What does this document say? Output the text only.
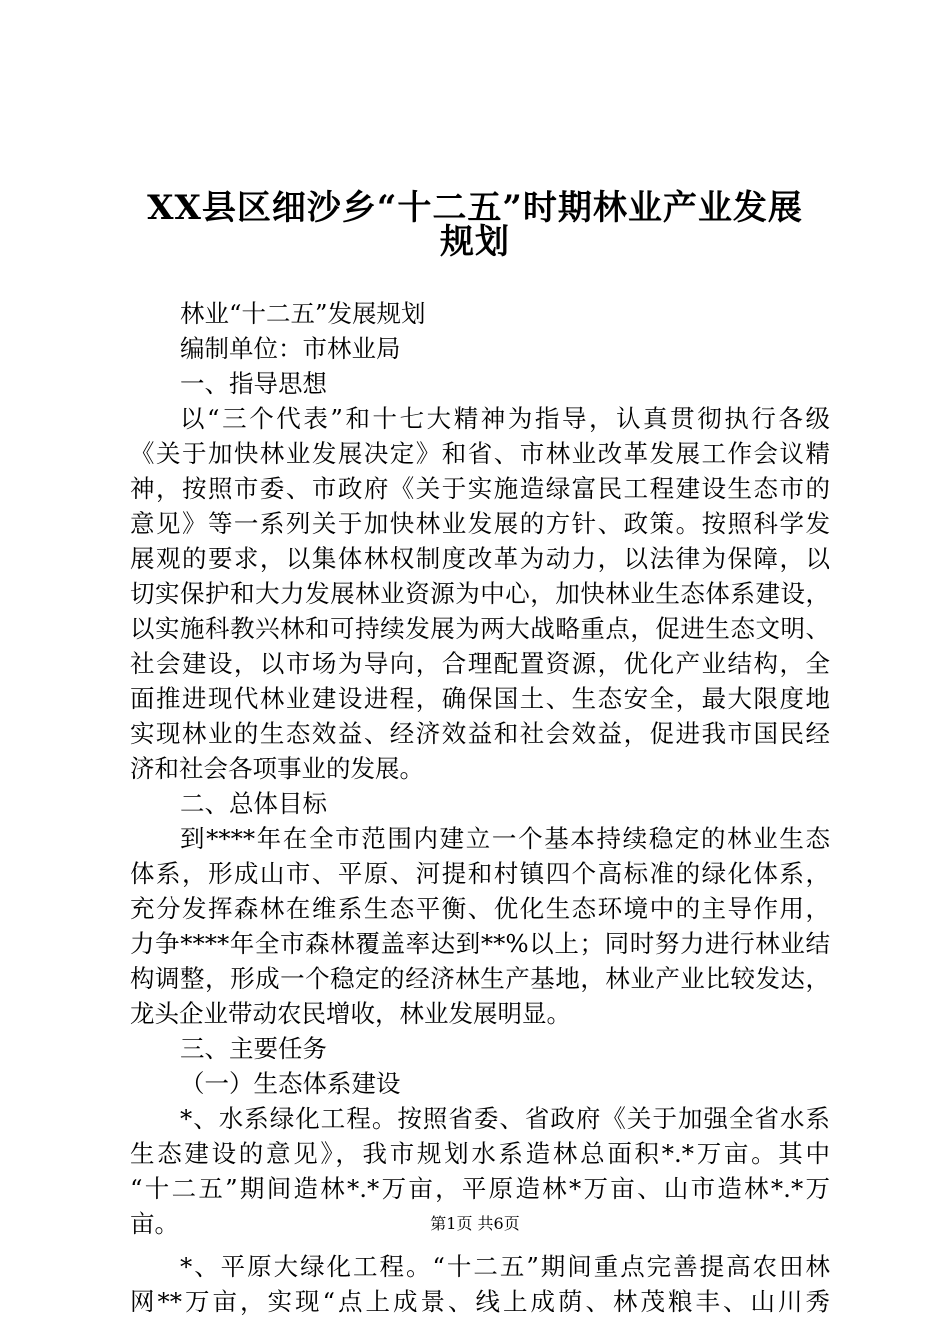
XX县区细沙乡“十二五”时期林业产业发展
规划
林业“十二五”发展规划
编制单位：市林业局
一、指导思想
以“三个代表”和十七大精神为指导，认真贯彻执行各级
《关于加快林业发展决定》和省、市林业改革发展工作会议精
神，按照市委、市政府《关于实施造绿富民工程建设生态市的
意见》等一系列关于加快林业发展的方针、政策。按照科学发
展观的要求，以集体林权制度改革为动力，以法律为保障，以
切实保护和大力发展林业资源为中心，加快林业生态体系建设，
以实施科教兴林和可持续发展为两大战略重点，促进生态文明、
社会建设，以市场为导向，合理配置资源，优化产业结构，全
面推进现代林业建设进程，确保国土、生态安全，最大限度地
实现林业的生态效益、经济效益和社会效益，促进我市国民经
济和社会各项事业的发展。
二、总体目标
到****年在全市范围内建立一个基本持续稳定的林业生态
体系，形成山市、平原、河提和村镇四个高标准的绿化体系，
充分发挥森林在维系生态平衡、优化生态环境中的主导作用，
力争****年全市森林覆盖率达到**%以上；同时努力进行林业结
构调整，形成一个稳定的经济林生产基地，林业产业比较发达，
龙头企业带动农民增收，林业发展明显。
三、主要任务
（一）生态体系建设
*、水系绿化工程。按照省委、省政府《关于加强全省水系
生态建设的意见》，我市规划水系造林总面积*.*万亩。其中
“十二五”期间造林*.*万亩，平原造林*万亩、山市造林*.*万
亩。
*、平原大绿化工程。“十二五”期间重点完善提高农田林
网**万亩，实现“点上成景、线上成荫、林茂粮丰、山川秀
第1页 共6页
